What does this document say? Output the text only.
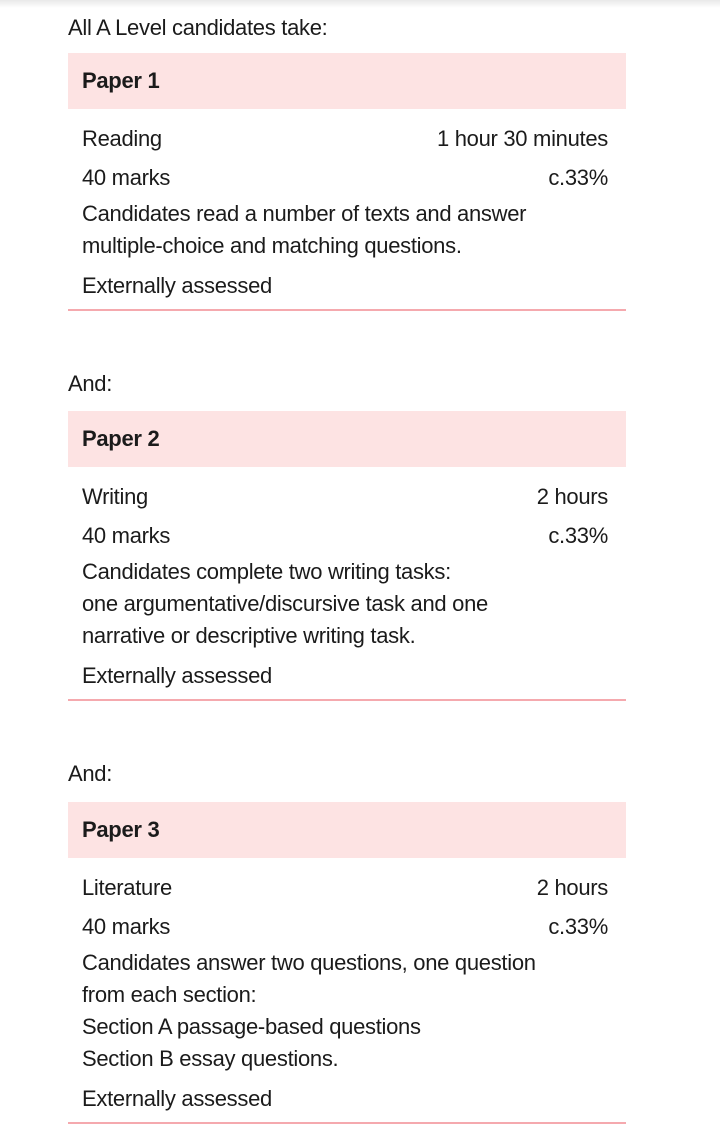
All A Level candidates take:
Paper 1
Reading	1 hour 30 minutes
40 marks	c.33%
Candidates read a number of texts and answer
multiple-choice and matching questions.
Externally assessed
And:
Paper 2
Writing	2 hours
40 marks	c.33%
Candidates complete two writing tasks:
one argumentative/discursive task and one
narrative or descriptive writing task.
Externally assessed
And:
Paper 3
Literature	2 hours
40 marks	c.33%
Candidates answer two questions, one question
from each section:
Section A passage-based questions
Section B essay questions.
Externally assessed
